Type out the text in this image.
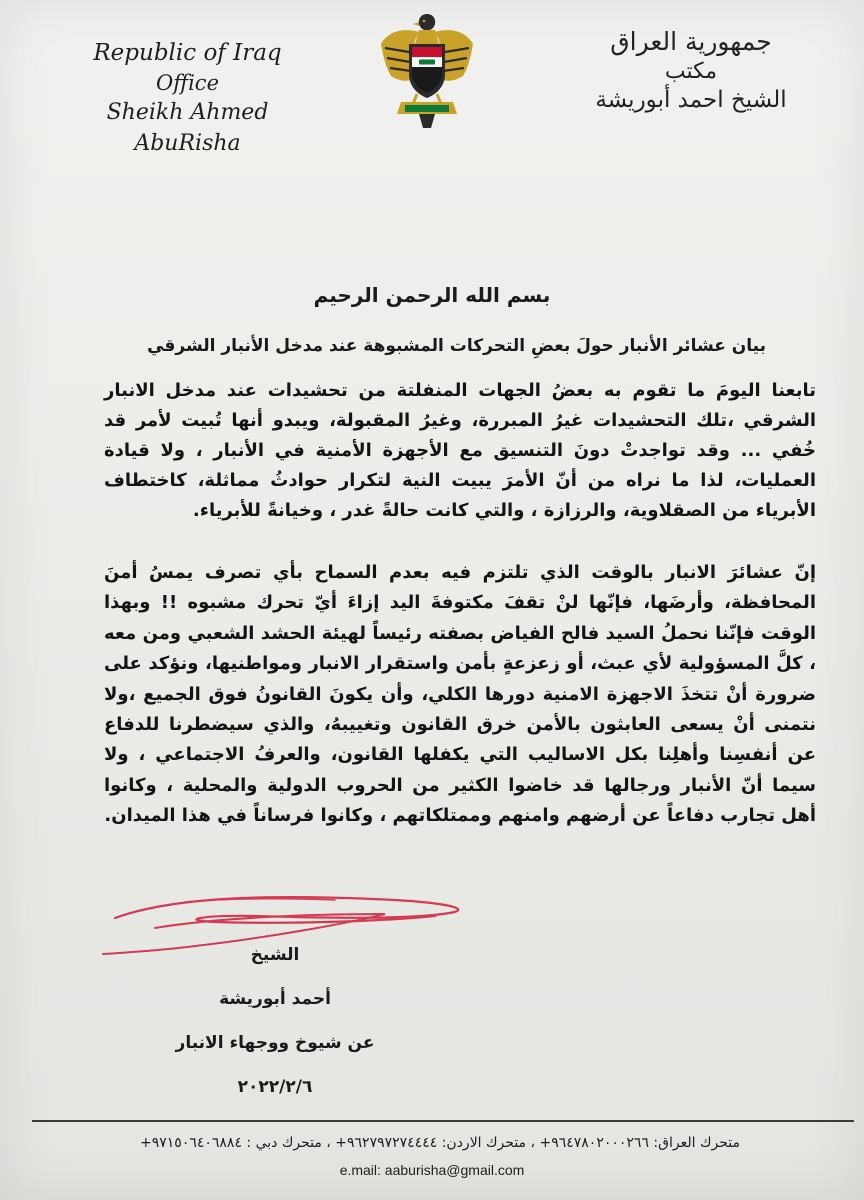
Republic of Iraq
Office
Sheikh Ahmed AbuRisha
جمهورية العراق
مكتب
الشيخ احمد أبوريشة
بسم الله الرحمن الرحيم
بيان عشائر الأنبار حولَ بعضِ التحركات المشبوهة عند مدخل الأنبار الشرقي
تابعنا اليومَ ما تقوم به بعضُ الجهات المنفلتة من تحشيدات عند مدخل الانبار الشرقي ،تلك التحشيدات غيرُ المبررة، وغيرُ المقبولة، ويبدو أنها تُبيت لأمر قد خُفي ... وقد تواجدتْ دونَ التنسيق مع الأجهزة الأمنية في الأنبار ، ولا قيادة العمليات، لذا ما نراه من أنّ الأمرَ يبيت النية لتكرار حوادثُ مماثلة، كاختطاف الأبرياء من الصقلاوية، والرزازة ، والتي كانت حالةً غدر ، وخيانةً للأبرياء.
إنّ عشائرَ الانبار بالوقت الذي تلتزم فيه بعدم السماح بأي تصرف يمسُ أمنَ المحافظة، وأرضَها، فإنّها لنْ تقفَ مكتوفةَ اليد إزاءَ أيّ تحرك مشبوه !! وبهذا الوقت فإنّنا نحملُ السيد فالح الفياض بصفته رئيساً لهيئة الحشد الشعبي ومن معه ، كلَّ المسؤولية لأي عبث، أو زعزعةٍ بأمن واستقرار الانبار ومواطنيها، ونؤكد على ضرورة أنْ تتخذَ الاجهزة الامنية دورها الكلي، وأن يكونَ القانونُ فوق الجميع ،ولا نتمنى أنْ يسعى العابثون بالأمن خرق القانون وتغييبهُ، والذي سيضطرنا للدفاع عن أنفسِنا وأهلِنا بكل الاساليب التي يكفلها القانون، والعرفُ الاجتماعي ، ولا سيما أنّ الأنبار ورجالها قد خاضوا الكثير من الحروب الدولية والمحلية ، وكانوا أهل تجارب دفاعاً عن أرضهم وامنهم وممتلكاتهم ، وكانوا فرساناً في هذا الميدان.
الشيخ
أحمد أبوريشة
عن شيوخ ووجهاء الانبار
٢٠٢٢/٢/٦
متحرك العراق: ٩٦٤٧٨٠٢٠٠٠٢٦٦+ ، متحرك الاردن: ٩٦٢٧٩٧٢٧٤٤٤٤+ ، متحرك دبي : ٩٧١٥٠٦٤٠٦٨٨٤+
e.mail: aaburisha@gmail.com
